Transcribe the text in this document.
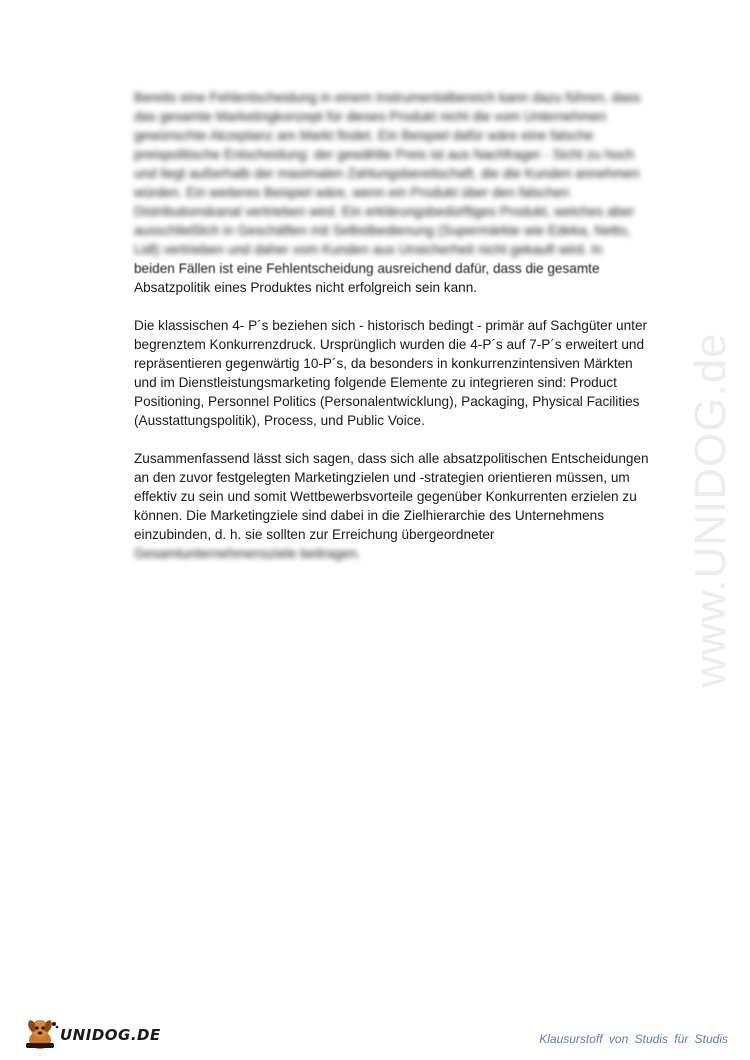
Bereits eine Fehlentscheidung in einem Instrumentalbereich kann dazu führen, dass
das gesamte Marketingkonzept für dieses Produkt nicht die vom Unternehmen
gewünschte Akzeptanz am Markt findet. Ein Beispiel dafür wäre eine falsche
preispolitische Entscheidung: der gewählte Preis ist aus Nachfrager - Sicht zu hoch
und liegt außerhalb der maximalen Zahlungsbereitschaft, die die Kunden annehmen
würden. Ein weiteres Beispiel wäre, wenn ein Produkt über den falschen
Distributionskanal vertrieben wird. Ein erklärungsbedürftiges Produkt, welches aber
ausschließlich in Geschäften mit Selbstbedienung (Supermärkte wie Edeka, Netto,
Lidl) vertrieben und daher vom Kunden aus Unsicherheit nicht gekauft wird. In
beiden Fällen ist eine Fehlentscheidung ausreichend dafür, dass die gesamte
Absatzpolitik eines Produktes nicht erfolgreich sein kann.

Die klassischen 4- P´s beziehen sich - historisch bedingt - primär auf Sachgüter unter
begrenztem Konkurrenzdruck. Ursprünglich wurden die 4-P´s auf 7-P´s erweitert und
repräsentieren gegenwärtig 10-P´s, da besonders in konkurrenzintensiven Märkten
und im Dienstleistungsmarketing folgende Elemente zu integrieren sind: Product
Positioning, Personnel Politics (Personalentwicklung), Packaging, Physical Facilities
(Ausstattungspolitik), Process, und Public Voice.

Zusammenfassend lässt sich sagen, dass sich alle absatzpolitischen Entscheidungen
an den zuvor festgelegten Marketingzielen und -strategien orientieren müssen, um
effektiv zu sein und somit Wettbewerbsvorteile gegenüber Konkurrenten erzielen zu
können. Die Marketingziele sind dabei in die Zielhierarchie des Unternehmens
einzubinden, d. h. sie sollten zur Erreichung übergeordneter
Gesamtunternehmensziele beitragen.	www.UNIDOG.de
UNIDOG.DE	Klausurstoff von Studis für Studis
